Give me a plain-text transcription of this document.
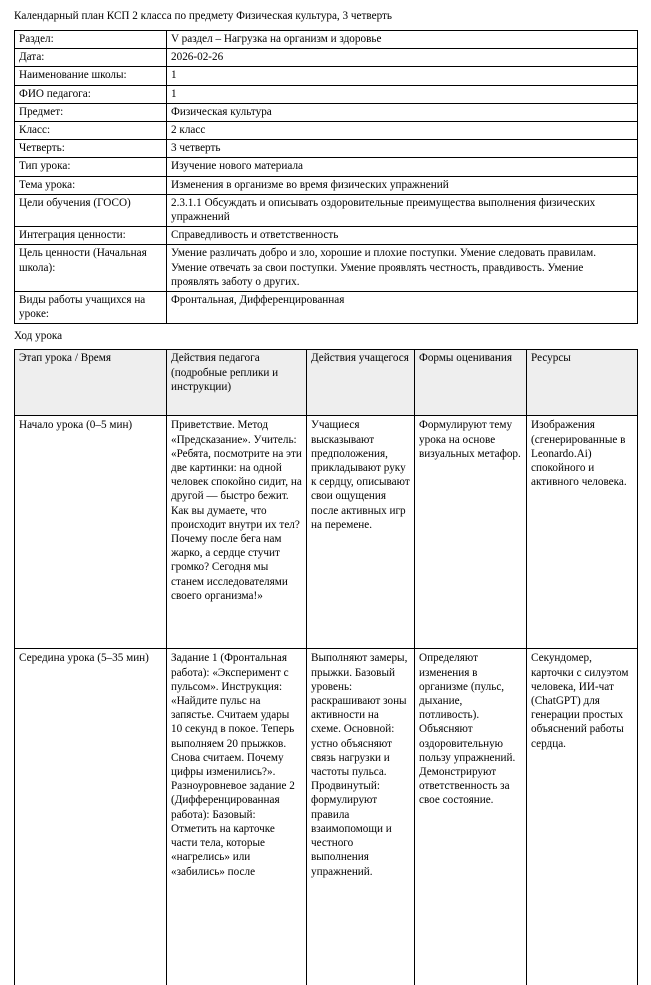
Календарный план КСП 2 класса по предмету Физическая культура, 3 четверть
Раздел:	V раздел – Нагрузка на организм и здоровье
Дата:	2026-02-26
Наименование школы:	1
ФИО педагога:	1
Предмет:	Физическая культура
Класс:	2 класс
Четверть:	3 четверть
Тип урока:	Изучение нового материала
Тема урока:	Изменения в организме во время физических упражнений
Цели обучения (ГОСО)	2.3.1.1 Обсуждать и описывать оздоровительные преимущества выполнения физических упражнений
Интеграция ценности:	Справедливость и ответственность
Цель ценности (Начальная школа):	Умение различать добро и зло, хорошие и плохие поступки. Умение следовать правилам. Умение отвечать за свои поступки. Умение проявлять честность, правдивость. Умение проявлять заботу о других.
Виды работы учащихся на уроке:	Фронтальная, Дифференцированная
Ход урока
Этап урока / Время	Действия педагога (подробные реплики и инструкции)	Действия учащегося	Формы оценивания	Ресурсы
Начало урока (0–5 мин)	Приветствие. Метод «Предсказание». Учитель: «Ребята, посмотрите на эти две картинки: на одной человек спокойно сидит, на другой — быстро бежит. Как вы думаете, что происходит внутри их тел? Почему после бега нам жарко, а сердце стучит громко? Сегодня мы станем исследователями своего организма!»	Учащиеся высказывают предположения, прикладывают руку к сердцу, описывают свои ощущения после активных игр на перемене.	Формулируют тему урока на основе визуальных метафор.	Изображения (сгенерированные в Leonardo.Ai) спокойного и активного человека.
Середина урока (5–35 мин)	Задание 1 (Фронтальная работа): «Эксперимент с пульсом». Инструкция: «Найдите пульс на запястье. Считаем удары 10 секунд в покое. Теперь выполняем 20 прыжков. Снова считаем. Почему цифры изменились?». Разноуровневое задание 2 (Дифференцированная работа): Базовый: Отметить на карточке части тела, которые «нагрелись» или «забились» после	Выполняют замеры, прыжки. Базовый уровень: раскрашивают зоны активности на схеме. Основной: устно объясняют связь нагрузки и частоты пульса. Продвинутый: формулируют правила взаимопомощи и честного выполнения упражнений.	Определяют изменения в организме (пульс, дыхание, потливость). Объясняют оздоровительную пользу упражнений. Демонстрируют ответственность за свое состояние.	Секундомер, карточки с силуэтом человека, ИИ-чат (ChatGPT) для генерации простых объяснений работы сердца.
